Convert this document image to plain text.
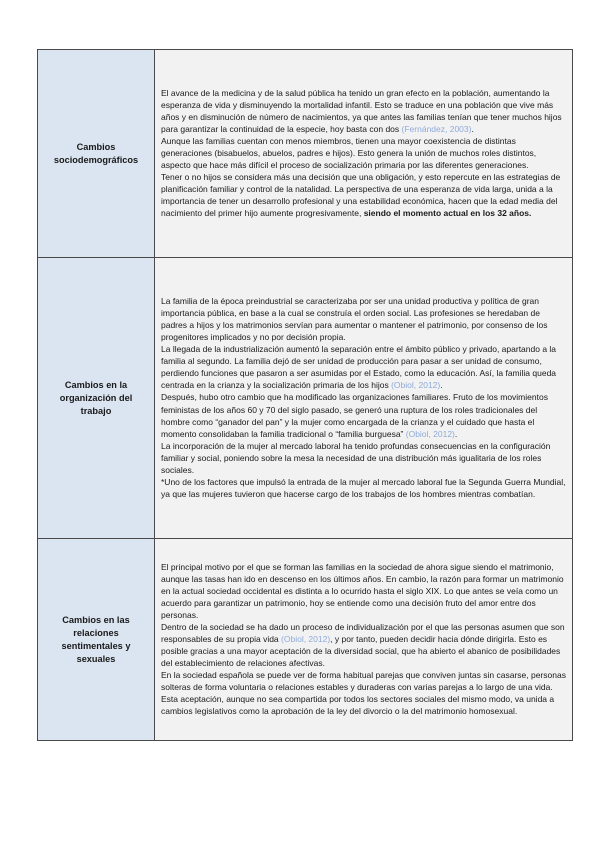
Cambios sociodemográficos	El avance de la medicina y de la salud pública ha tenido un gran efecto en la población, aumentando la esperanza de vida y disminuyendo la mortalidad infantil. Esto se traduce en una población que vive más años y en disminución de número de nacimientos, ya que antes las familias tenían que tener muchos hijos para garantizar la continuidad de la especie, hoy basta con dos (Fernández, 2003).

Aunque las familias cuentan con menos miembros, tienen una mayor coexistencia de distintas generaciones (bisabuelos, abuelos, padres e hijos). Esto genera la unión de muchos roles distintos, aspecto que hace más difícil el proceso de socialización primaria por las diferentes generaciones.

Tener o no hijos se considera más una decisión que una obligación, y esto repercute en las estrategias de planificación familiar y control de la natalidad. La perspectiva de una esperanza de vida larga, unida a la importancia de tener un desarrollo profesional y una estabilidad económica, hacen que la edad media del nacimiento del primer hijo aumente progresivamente, siendo el momento actual en los 32 años.

Cambios en la organización del trabajo	La familia de la época preindustrial se caracterizaba por ser una unidad productiva y política de gran importancia pública, en base a la cual se construía el orden social. Las profesiones se heredaban de padres a hijos y los matrimonios servían para aumentar o mantener el patrimonio, por consenso de los progenitores implicados y no por decisión propia.

La llegada de la industrialización aumentó la separación entre el ámbito público y privado, apartando a la familia al segundo. La familia dejó de ser unidad de producción para pasar a ser unidad de consumo, perdiendo funciones que pasaron a ser asumidas por el Estado, como la educación. Así, la familia queda centrada en la crianza y la socialización primaria de los hijos (Obiol, 2012).

Después, hubo otro cambio que ha modificado las organizaciones familiares. Fruto de los movimientos feministas de los años 60 y 70 del siglo pasado, se generó una ruptura de los roles tradicionales del hombre como “ganador del pan” y la mujer como encargada de la crianza y el cuidado que hasta el momento consolidaban la familia tradicional o “familia burguesa” (Obiol, 2012).

La incorporación de la mujer al mercado laboral ha tenido profundas consecuencias en la configuración familiar y social, poniendo sobre la mesa la necesidad de una distribución más igualitaria de los roles sociales.

*Uno de los factores que impulsó la entrada de la mujer al mercado laboral fue la Segunda Guerra Mundial, ya que las mujeres tuvieron que hacerse cargo de los trabajos de los hombres mientras combatían.

Cambios en las relaciones sentimentales y sexuales	El principal motivo por el que se forman las familias en la sociedad de ahora sigue siendo el matrimonio, aunque las tasas han ido en descenso en los últimos años. En cambio, la razón para formar un matrimonio en la actual sociedad occidental es distinta a lo ocurrido hasta el siglo XIX. Lo que antes se veía como un acuerdo para garantizar un patrimonio, hoy se entiende como una decisión fruto del amor entre dos personas.

Dentro de la sociedad se ha dado un proceso de individualización por el que las personas asumen que son responsables de su propia vida (Obiol, 2012), y por tanto, pueden decidir hacia dónde dirigirla. Esto es posible gracias a una mayor aceptación de la diversidad social, que ha abierto el abanico de posibilidades del establecimiento de relaciones afectivas.

En la sociedad española se puede ver de forma habitual parejas que conviven juntas sin casarse, personas solteras de forma voluntaria o relaciones estables y duraderas con varias parejas a lo largo de una vida. Esta aceptación, aunque no sea compartida por todos los sectores sociales del mismo modo, va unida a cambios legislativos como la aprobación de la ley del divorcio o la del matrimonio homosexual.
